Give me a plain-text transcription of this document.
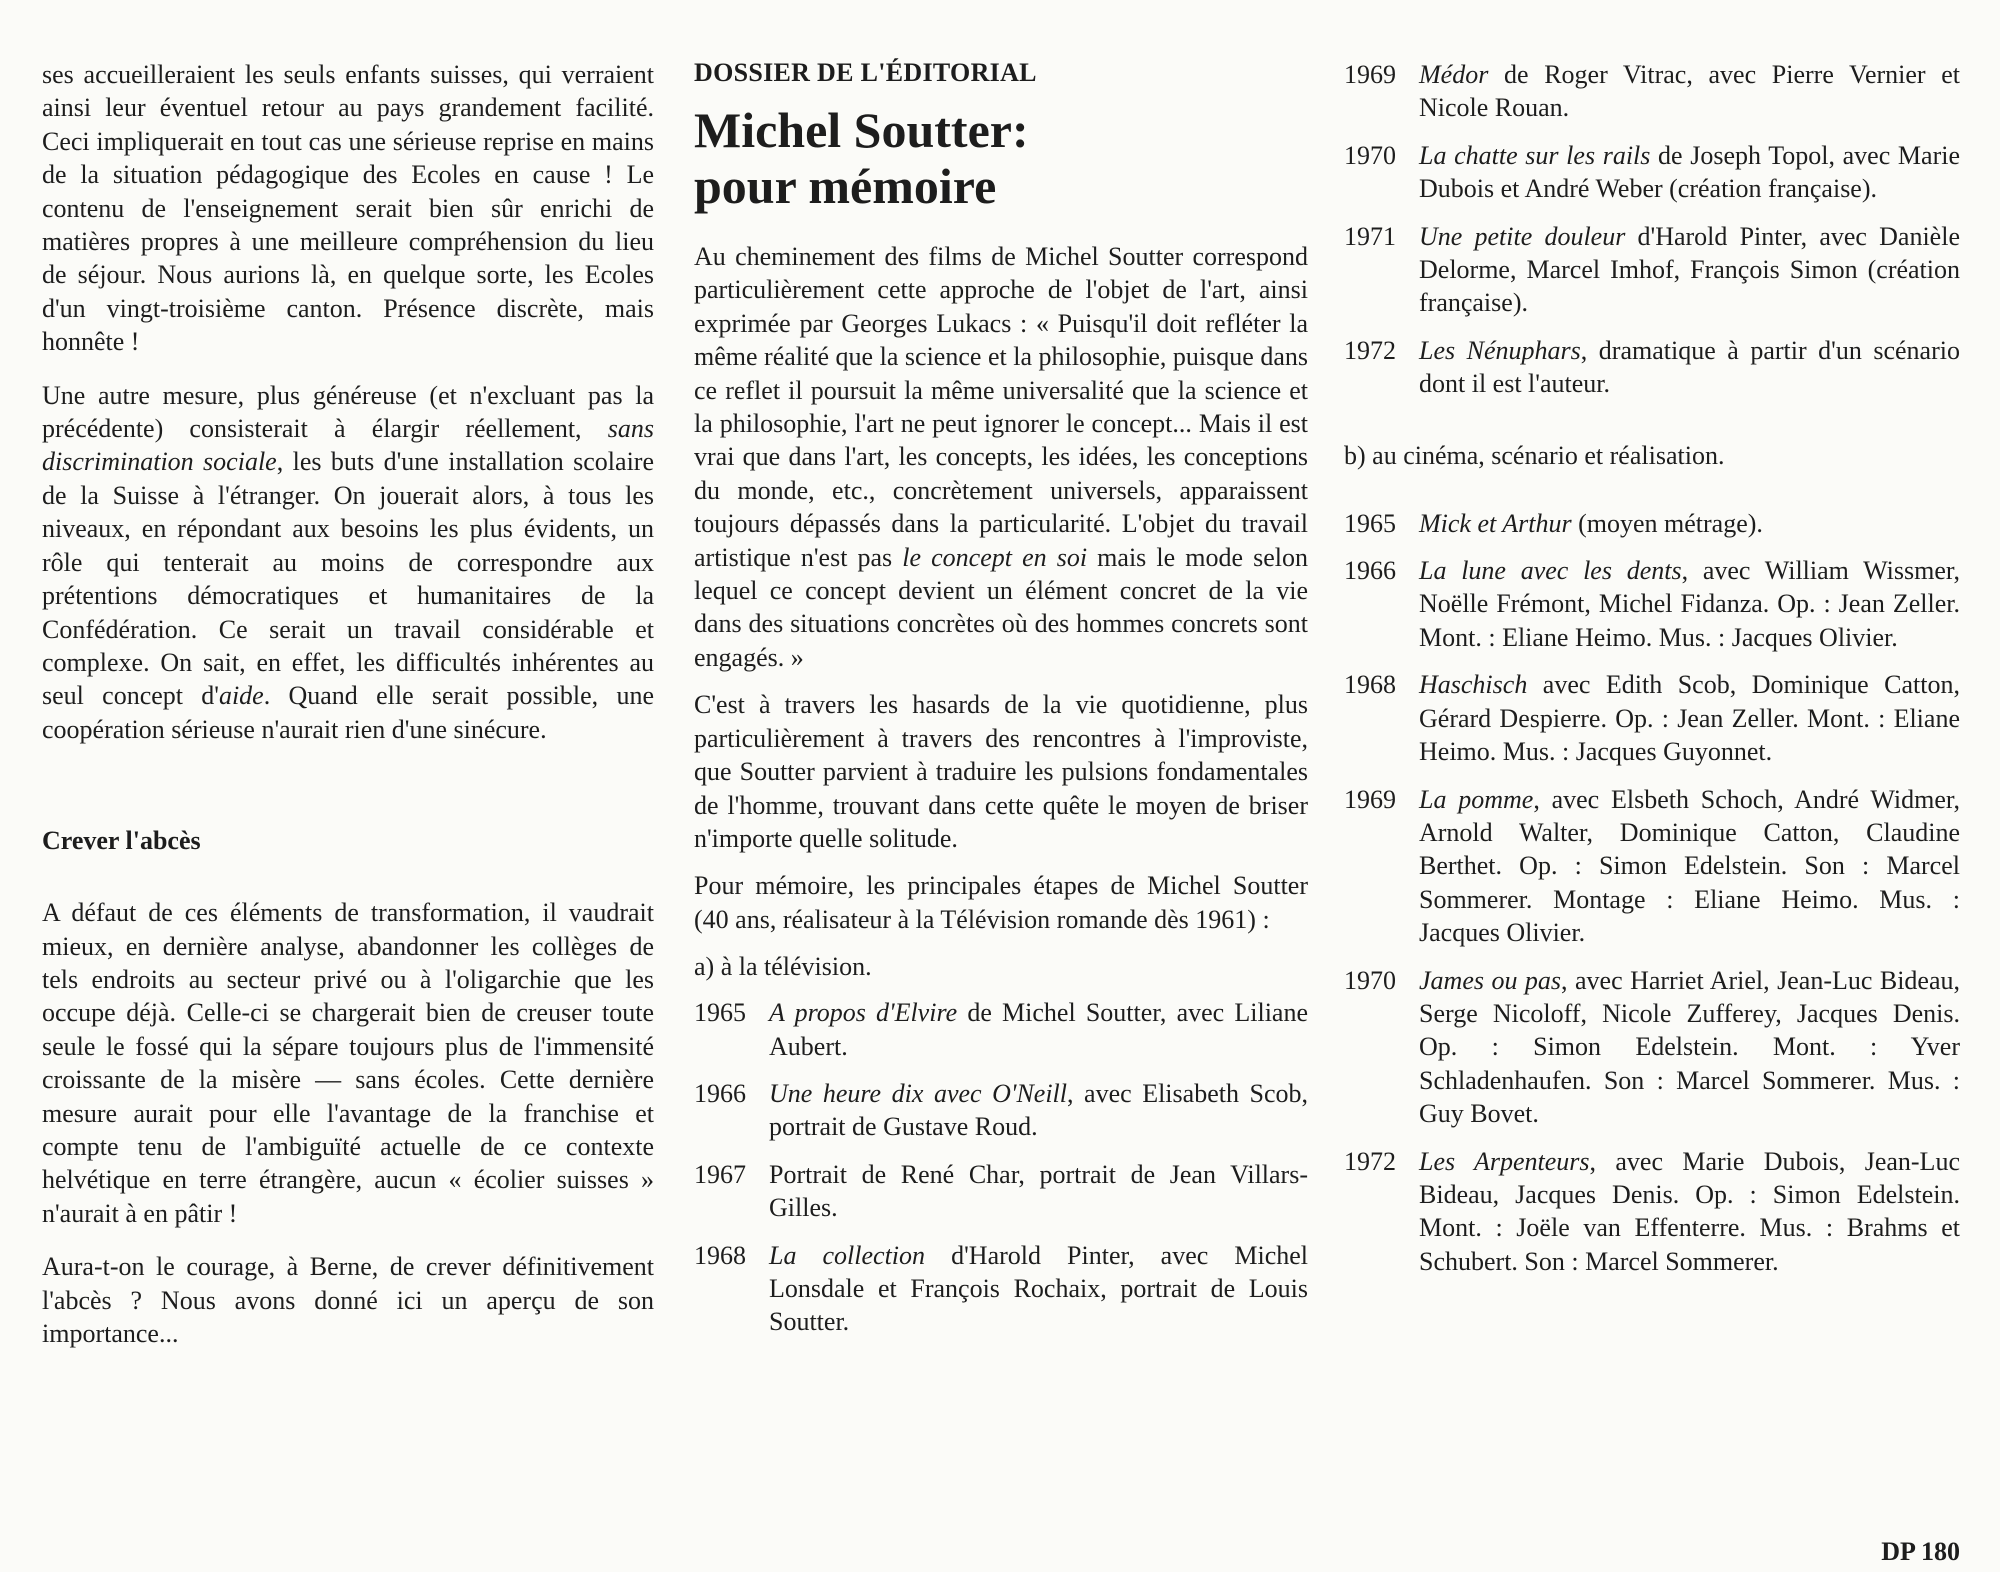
ses accueilleraient les seuls enfants suisses, qui verraient ainsi leur éventuel retour au pays grandement facilité. Ceci impliquerait en tout cas une sérieuse reprise en mains de la situation pédagogique des Ecoles en cause ! Le contenu de l'enseignement serait bien sûr enrichi de matières propres à une meilleure compréhension du lieu de séjour. Nous aurions là, en quelque sorte, les Ecoles d'un vingt-troisième canton. Présence discrète, mais honnête !

Une autre mesure, plus généreuse (et n'excluant pas la précédente) consisterait à élargir réellement, sans discrimination sociale, les buts d'une installation scolaire de la Suisse à l'étranger. On jouerait alors, à tous les niveaux, en répondant aux besoins les plus évidents, un rôle qui tenterait au moins de correspondre aux prétentions démocratiques et humanitaires de la Confédération. Ce serait un travail considérable et complexe. On sait, en effet, les difficultés inhérentes au seul concept d'aide. Quand elle serait possible, une coopération sérieuse n'aurait rien d'une sinécure.

Crever l'abcès

A défaut de ces éléments de transformation, il vaudrait mieux, en dernière analyse, abandonner les collèges de tels endroits au secteur privé ou à l'oligarchie que les occupe déjà. Celle-ci se chargerait bien de creuser toute seule le fossé qui la sépare toujours plus de l'immensité croissante de la misère — sans écoles. Cette dernière mesure aurait pour elle l'avantage de la franchise et compte tenu de l'ambiguïté actuelle de ce contexte helvétique en terre étrangère, aucun « écolier suisses » n'aurait à en pâtir !

Aura-t-on le courage, à Berne, de crever définitivement l'abcès ? Nous avons donné ici un aperçu de son importance...

DOSSIER DE L'ÉDITORIAL

Michel Soutter:
pour mémoire

Au cheminement des films de Michel Soutter correspond particulièrement cette approche de l'objet de l'art, ainsi exprimée par Georges Lukacs : « Puisqu'il doit refléter la même réalité que la science et la philosophie, puisque dans ce reflet il poursuit la même universalité que la science et la philosophie, l'art ne peut ignorer le concept... Mais il est vrai que dans l'art, les concepts, les idées, les conceptions du monde, etc., concrètement universels, apparaissent toujours dépassés dans la particularité. L'objet du travail artistique n'est pas le concept en soi mais le mode selon lequel ce concept devient un élément concret de la vie dans des situations concrètes où des hommes concrets sont engagés. »

C'est à travers les hasards de la vie quotidienne, plus particulièrement à travers des rencontres à l'improviste, que Soutter parvient à traduire les pulsions fondamentales de l'homme, trouvant dans cette quête le moyen de briser n'importe quelle solitude.

Pour mémoire, les principales étapes de Michel Soutter (40 ans, réalisateur à la Télévision romande dès 1961) :

a) à la télévision.

1965 A propos d'Elvire de Michel Soutter, avec Liliane Aubert.
1966 Une heure dix avec O'Neill, avec Elisabeth Scob, portrait de Gustave Roud.
1967 Portrait de René Char, portrait de Jean Villars-Gilles.
1968 La collection d'Harold Pinter, avec Michel Lonsdale et François Rochaix, portrait de Louis Soutter.
1969 Médor de Roger Vitrac, avec Pierre Vernier et Nicole Rouan.
1970 La chatte sur les rails de Joseph Topol, avec Marie Dubois et André Weber (création française).
1971 Une petite douleur d'Harold Pinter, avec Danièle Delorme, Marcel Imhof, François Simon (création française).
1972 Les Nénuphars, dramatique à partir d'un scénario dont il est l'auteur.

b) au cinéma, scénario et réalisation.

1965 Mick et Arthur (moyen métrage).
1966 La lune avec les dents, avec William Wissmer, Noëlle Frémont, Michel Fidanza. Op. : Jean Zeller. Mont. : Eliane Heimo. Mus. : Jacques Olivier.
1968 Haschisch avec Edith Scob, Dominique Catton, Gérard Despierre. Op. : Jean Zeller. Mont. : Eliane Heimo. Mus. : Jacques Guyonnet.
1969 La pomme, avec Elsbeth Schoch, André Widmer, Arnold Walter, Dominique Catton, Claudine Berthet. Op. : Simon Edelstein. Son : Marcel Sommerer. Montage : Eliane Heimo. Mus. : Jacques Olivier.
1970 James ou pas, avec Harriet Ariel, Jean-Luc Bideau, Serge Nicoloff, Nicole Zufferey, Jacques Denis. Op. : Simon Edelstein. Mont. : Yver Schladenhaufen. Son : Marcel Sommerer. Mus. : Guy Bovet.
1972 Les Arpenteurs, avec Marie Dubois, Jean-Luc Bideau, Jacques Denis. Op. : Simon Edelstein. Mont. : Joële van Effenterre. Mus. : Brahms et Schubert. Son : Marcel Sommerer.
DP 180
